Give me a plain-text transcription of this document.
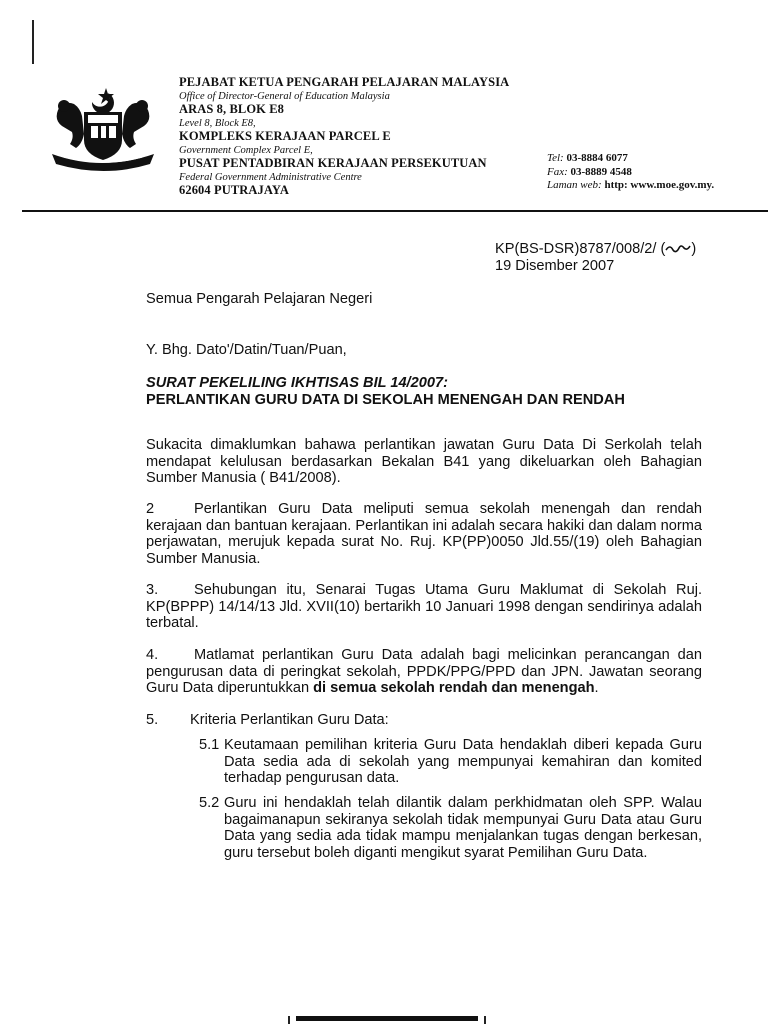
PEJABAT KETUA PENGARAH PELAJARAN MALAYSIA
Office of Director-General of Education Malaysia
ARAS 8, BLOK E8
Level 8, Block E8,
KOMPLEKS KERAJAAN PARCEL E
Government Complex Parcel E,
PUSAT PENTADBIRAN KERAJAAN PERSEKUTUAN
Federal Government Administrative Centre
62604 PUTRAJAYA
Tel: 03-8884 6077
Fax: 03-8889 4548
Laman web: http: www.moe.gov.my.
KP(BS-DSR)8787/008/2/ ( )
19 Disember 2007
Semua Pengarah Pelajaran Negeri
Y. Bhg. Dato'/Datin/Tuan/Puan,
SURAT PEKELILING IKHTISAS BIL 14/2007:
PERLANTIKAN GURU DATA DI SEKOLAH MENENGAH DAN RENDAH
Sukacita dimaklumkan bahawa perlantikan jawatan Guru Data Di Serkolah telah mendapat kelulusan berdasarkan Bekalan B41 yang dikeluarkan oleh Bahagian Sumber Manusia ( B41/2008).
2	Perlantikan Guru Data meliputi semua sekolah menengah dan rendah kerajaan dan bantuan kerajaan. Perlantikan ini adalah secara hakiki dan dalam norma perjawatan, merujuk kepada surat No. Ruj. KP(PP)0050 Jld.55/(19) oleh Bahagian Sumber Manusia.
3. Sehubungan itu, Senarai Tugas Utama Guru Maklumat di Sekolah Ruj. KP(BPPP) 14/14/13 Jld. XVII(10) bertarikh 10 Januari 1998 dengan sendirinya adalah terbatal.
4. Matlamat perlantikan Guru Data adalah bagi melicinkan perancangan dan pengurusan data di peringkat sekolah, PPDK/PPG/PPD dan JPN. Jawatan seorang Guru Data diperuntukkan di semua sekolah rendah dan menengah.
5. Kriteria Perlantikan Guru Data:
5.1 Keutamaan pemilihan kriteria Guru Data hendaklah diberi kepada Guru Data sedia ada di sekolah yang mempunyai kemahiran dan komited terhadap pengurusan data.
5.2 Guru ini hendaklah telah dilantik dalam perkhidmatan oleh SPP. Walau bagaimanapun sekiranya sekolah tidak mempunyai Guru Data atau Guru Data yang sedia ada tidak mampu menjalankan tugas dengan berkesan, guru tersebut boleh diganti mengikut syarat Pemilihan Guru Data.
